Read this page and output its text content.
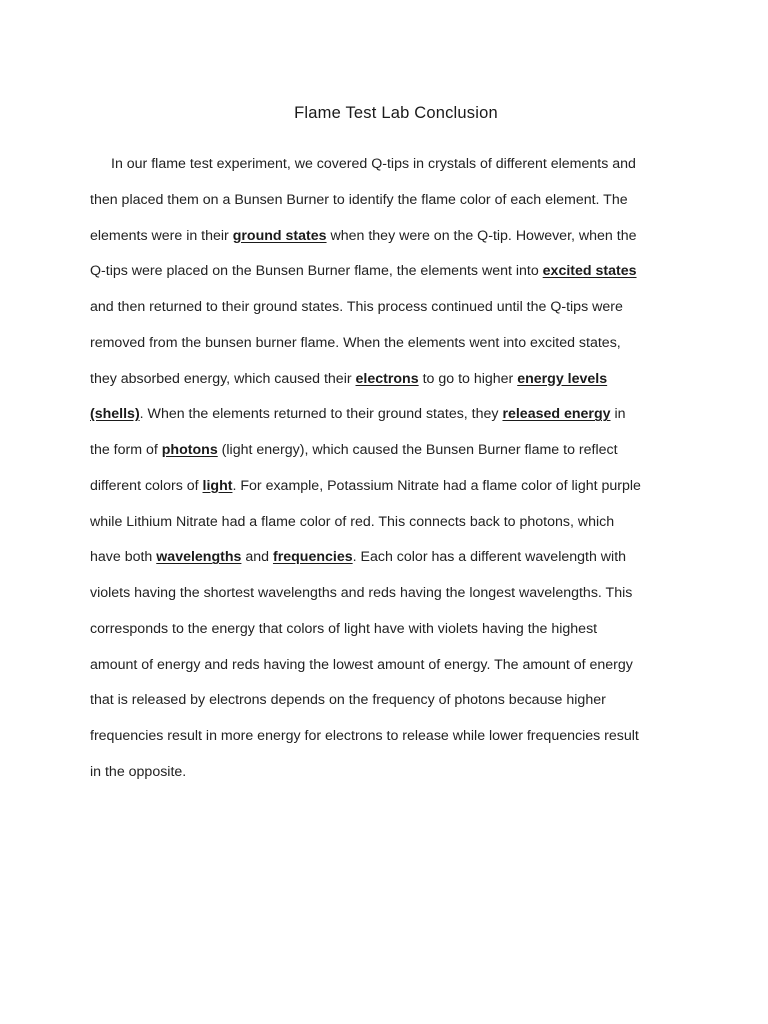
Flame Test Lab Conclusion
In our flame test experiment, we covered Q-tips in crystals of different elements and
then placed them on a Bunsen Burner to identify the flame color of each element. The
elements were in their ground states when they were on the Q-tip. However, when the
Q-tips were placed on the Bunsen Burner flame, the elements went into excited states
and then returned to their ground states. This process continued until the Q-tips were
removed from the bunsen burner flame. When the elements went into excited states,
they absorbed energy, which caused their electrons to go to higher energy levels
(shells). When the elements returned to their ground states, they released energy in
the form of photons (light energy), which caused the Bunsen Burner flame to reflect
different colors of light. For example, Potassium Nitrate had a flame color of light purple
while Lithium Nitrate had a flame color of red. This connects back to photons, which
have both wavelengths and frequencies. Each color has a different wavelength with
violets having the shortest wavelengths and reds having the longest wavelengths. This
corresponds to the energy that colors of light have with violets having the highest
amount of energy and reds having the lowest amount of energy. The amount of energy
that is released by electrons depends on the frequency of photons because higher
frequencies result in more energy for electrons to release while lower frequencies result
in the opposite.
